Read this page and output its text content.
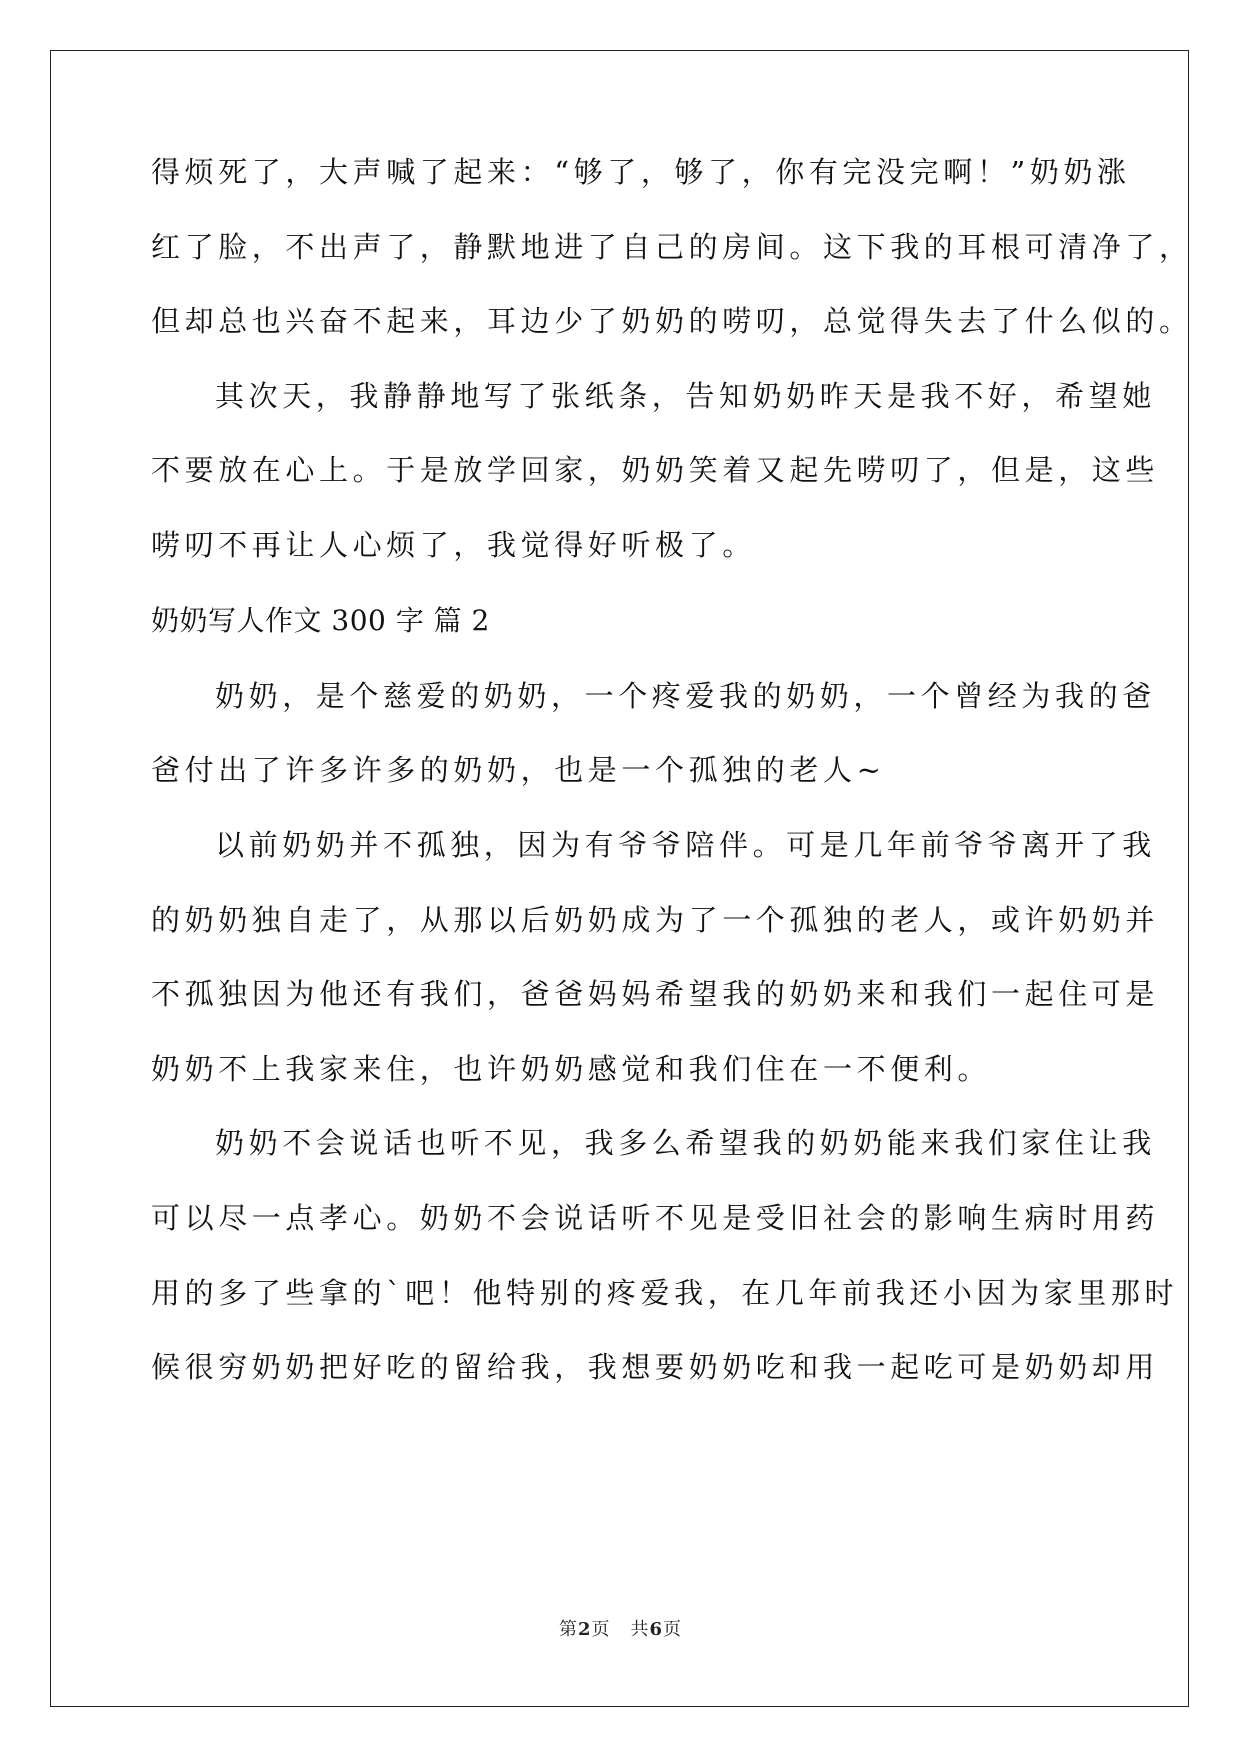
得烦死了，大声喊了起来：“够了，够了，你有完没完啊！”奶奶涨
红了脸，不出声了，静默地进了自己的房间。这下我的耳根可清净了，
但却总也兴奋不起来，耳边少了奶奶的唠叨，总觉得失去了什么似的。
其次天，我静静地写了张纸条，告知奶奶昨天是我不好，希望她
不要放在心上。于是放学回家，奶奶笑着又起先唠叨了，但是，这些
唠叨不再让人心烦了，我觉得好听极了。
奶奶写人作文 300 字 篇 2
奶奶，是个慈爱的奶奶，一个疼爱我的奶奶，一个曾经为我的爸
爸付出了许多许多的奶奶，也是一个孤独的老人~
以前奶奶并不孤独，因为有爷爷陪伴。可是几年前爷爷离开了我
的奶奶独自走了，从那以后奶奶成为了一个孤独的老人，或许奶奶并
不孤独因为他还有我们，爸爸妈妈希望我的奶奶来和我们一起住可是
奶奶不上我家来住，也许奶奶感觉和我们住在一不便利。
奶奶不会说话也听不见，我多么希望我的奶奶能来我们家住让我
可以尽一点孝心。奶奶不会说话听不见是受旧社会的影响生病时用药
用的多了些拿的`吧！他特别的疼爱我，在几年前我还小因为家里那时
候很穷奶奶把好吃的留给我，我想要奶奶吃和我一起吃可是奶奶却用
第2页 共6页
